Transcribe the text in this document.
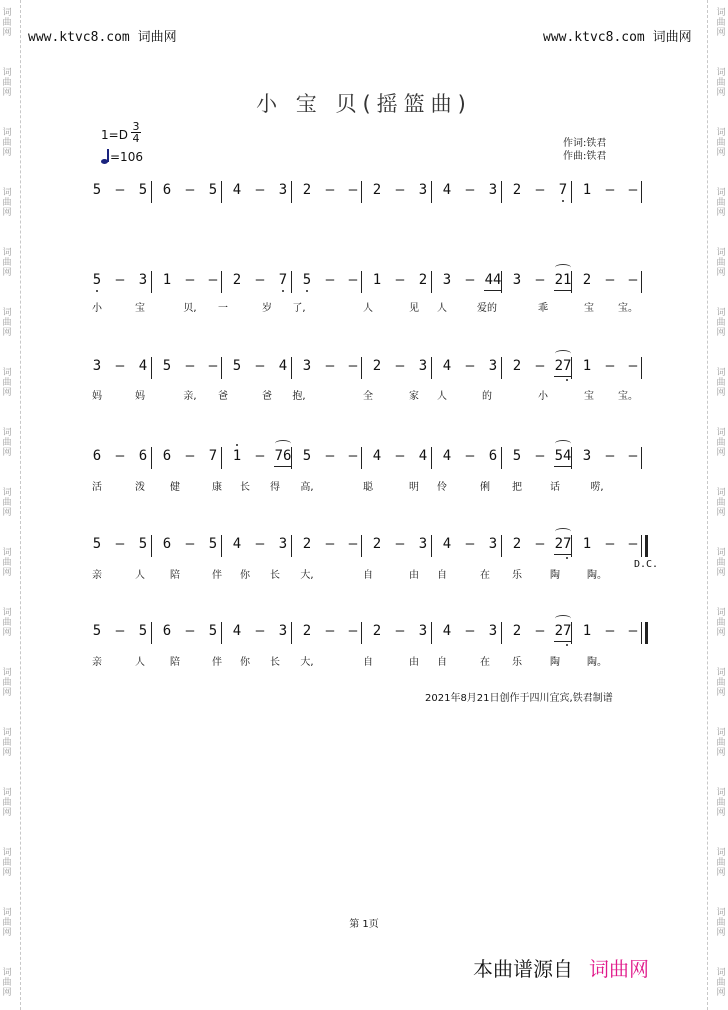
词
曲
网
词
曲
网
词
曲
网
词
曲
网
词
曲
网
词
曲
网
词
曲
网
词
曲
网
词
曲
网
词
曲
网
词
曲
网
词
曲
网
词
曲
网
词
曲
网
词
曲
网
词
曲
网
词
曲
网
词
曲
网
词
曲
网
词
曲
网
词
曲
网
词
曲
网
词
曲
网
词
曲
网
词
曲
网
词
曲
网
词
曲
网
词
曲
网
词
曲
网
词
曲
网
词
曲
网
词
曲
网
词
曲
网
词
曲
网
www.ktvc8.com 词曲网	www.ktvc8.com 词曲网
小 宝 贝(摇篮曲)
1=D
3
4
=106
作词:铁君
作曲:铁君
5 – 5 6 – 5 4 – 3 2 – – 2 – 3 4 – 3 2 – 7 1 – –
5 – 3 1 – – 2 – 7 5 – – 1 – 2 3 – 44 3 – 21 2 – –
小	宝	贝, 一	岁 了,	人	见 人	爱的	乖	宝 宝。
3 – 4 5 – – 5 – 4 3 – – 2 – 3 4 – 3 2 – 27 1 – –
妈	妈	亲, 爸	爸 抱,	全	家 人	的	小	宝 宝。
6 – 6 6 – 7 1 – 76 5 – – 4 – 4 4 – 6 5 – 54 3 – –
活	泼	健	康 长 得 高,	聪	明 伶	俐 把	话	唠,
5 – 5 6 – 5 4 – 3 2 – – 2 – 3 4 – 3 2 – 27 1 – –
亲	人	陪	伴 你 长 大,	自	由 自	在 乐	陶	陶。
5 – 5 6 – 5 4 – 3 2 – – 2 – 3 4 – 3 2 – 27 1 – –
亲	人	陪	伴 你 长 大,	自	由 自	在 乐	陶	陶。
D.C.
2021年8月21日创作于四川宜宾,铁君制谱
第 1页
本曲谱源自 词曲网
